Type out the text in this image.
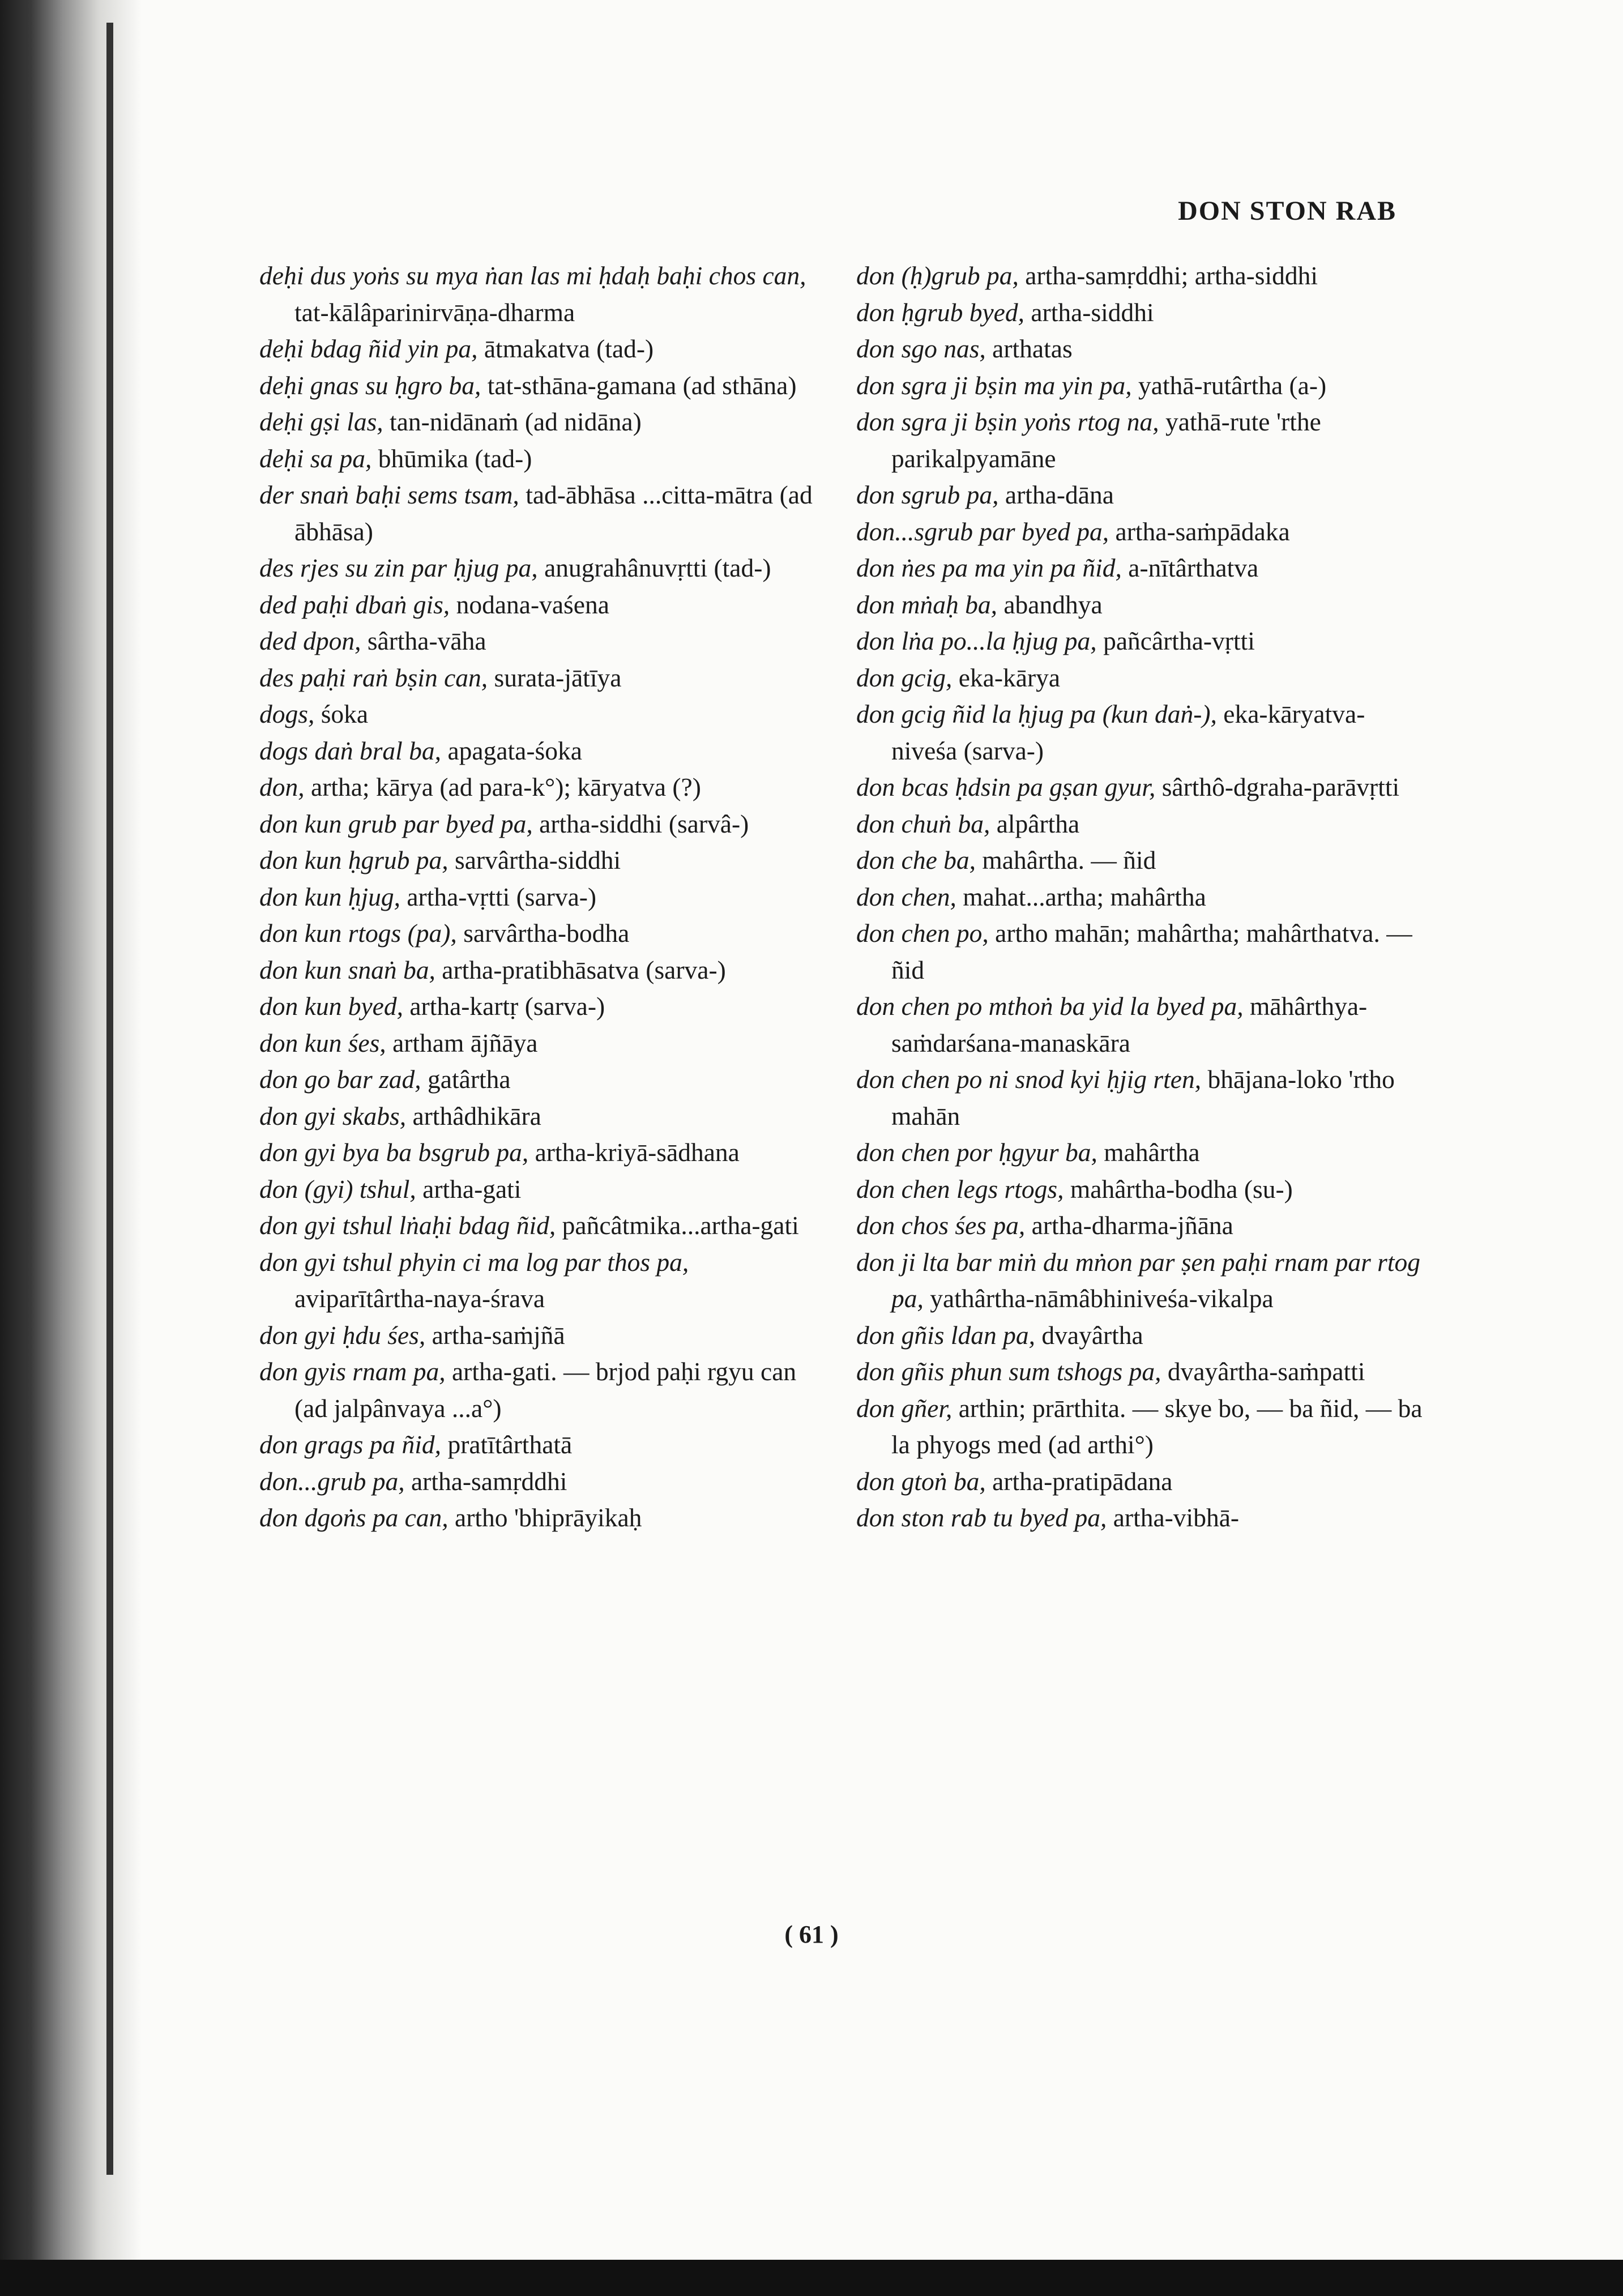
DON STON RAB

deḥi dus yoṅs su mya ṅan las mi ḥdaḥ baḥi chos can, tat-kālâparinirvāṇa-dharma

deḥi bdag ñid yin pa, ātmakatva (tad-)

deḥi gnas su ḥgro ba, tat-sthāna-gamana (ad sthāna)

deḥi gṣi las, tan-nidānaṁ (ad nidāna)

deḥi sa pa, bhūmika (tad-)

der snaṅ baḥi sems tsam, tad-ābhāsa ...citta-mātra (ad ābhāsa)

des rjes su zin par ḥjug pa, anugrahânuvṛtti (tad-)

ded paḥi dbaṅ gis, nodana-vaśena

ded dpon, sârtha-vāha

des paḥi raṅ bṣin can, surata-jātīya

dogs, śoka

dogs daṅ bral ba, apagata-śoka

don, artha; kārya (ad para-k°); kāryatva (?)

don kun grub par byed pa, artha-siddhi (sarvâ-)

don kun ḥgrub pa, sarvârtha-siddhi

don kun ḥjug, artha-vṛtti (sarva-)

don kun rtogs (pa), sarvârtha-bodha

don kun snaṅ ba, artha-pratibhāsatva (sarva-)

don kun byed, artha-kartṛ (sarva-)

don kun śes, artham ājñāya

don go bar zad, gatârtha

don gyi skabs, arthâdhikāra

don gyi bya ba bsgrub pa, artha-kriyā-sādhana

don (gyi) tshul, artha-gati

don gyi tshul lṅaḥi bdag ñid, pañcâtmika...artha-gati

don gyi tshul phyin ci ma log par thos pa, aviparītârtha-naya-śrava

don gyi ḥdu śes, artha-saṁjñā

don gyis rnam pa, artha-gati. — brjod paḥi rgyu can (ad jalpânvaya ...a°)

don grags pa ñid, pratītârthatā

don...grub pa, artha-samṛddhi

don dgoṅs pa can, artho 'bhiprāyikaḥ

don (ḥ)grub pa, artha-samṛddhi; artha-siddhi

don ḥgrub byed, artha-siddhi

don sgo nas, arthatas

don sgra ji bṣin ma yin pa, yathā-rutârtha (a-)

don sgra ji bṣin yoṅs rtog na, yathā-rute 'rthe parikalpyamāne

don sgrub pa, artha-dāna

don...sgrub par byed pa, artha-saṁpādaka

don ṅes pa ma yin pa ñid, a-nītârthatva

don mṅaḥ ba, abandhya

don lṅa po...la ḥjug pa, pañcârtha-vṛtti

don gcig, eka-kārya

don gcig ñid la ḥjug pa (kun daṅ-), eka-kāryatva-niveśa (sarva-)

don bcas ḥdsin pa gṣan gyur, sârthô-dgraha-parāvṛtti

don chuṅ ba, alpârtha

don che ba, mahârtha. — ñid

don chen, mahat...artha; mahârtha

don chen po, artho mahān; mahârtha; mahârthatva. — ñid

don chen po mthoṅ ba yid la byed pa, māhârthya-saṁdarśana-manaskāra

don chen po ni snod kyi ḥjig rten, bhājana-loko 'rtho mahān

don chen por ḥgyur ba, mahârtha

don chen legs rtogs, mahârtha-bodha (su-)

don chos śes pa, artha-dharma-jñāna

don ji lta bar miṅ du mṅon par ṣen paḥi rnam par rtog pa, yathârtha-nāmâbhiniveśa-vikalpa

don gñis ldan pa, dvayârtha

don gñis phun sum tshogs pa, dvayârtha-saṁpatti

don gñer, arthin; prārthita. — skye bo, — ba ñid, — ba la phyogs med (ad arthi°)

don gtoṅ ba, artha-pratipādana

don ston rab tu byed pa, artha-vibhā-

( 61 )
